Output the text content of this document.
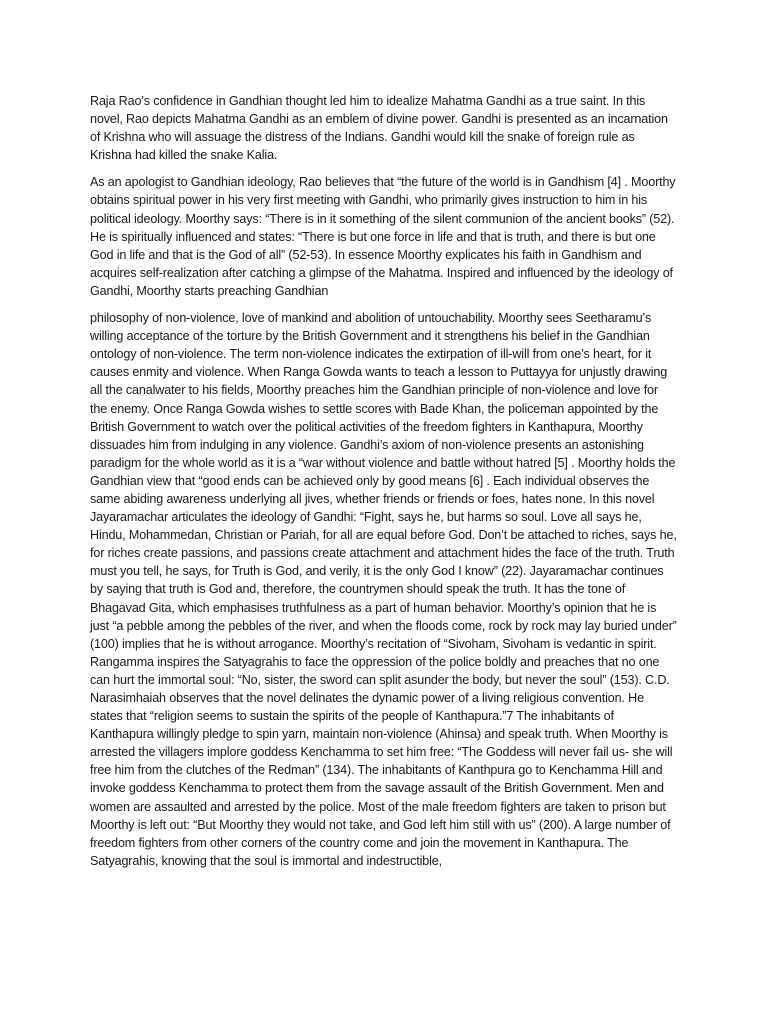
Raja Rao’s confidence in Gandhian thought led him to idealize Mahatma Gandhi as a true saint. In this novel, Rao depicts Mahatma Gandhi as an emblem of divine power. Gandhi is presented as an incarnation of Krishna who will assuage the distress of the Indians. Gandhi would kill the snake of foreign rule as Krishna had killed the snake Kalia.

As an apologist to Gandhian ideology, Rao believes that “the future of the world is in Gandhism [4] . Moorthy obtains spiritual power in his very first meeting with Gandhi, who primarily gives instruction to him in his political ideology. Moorthy says: “There is in it something of the silent communion of the ancient books” (52). He is spiritually influenced and states: “There is but one force in life and that is truth, and there is but one God in life and that is the God of all” (52-53). In essence Moorthy explicates his faith in Gandhism and acquires self-realization after catching a glimpse of the Mahatma. Inspired and influenced by the ideology of Gandhi, Moorthy starts preaching Gandhian

philosophy of non-violence, love of mankind and abolition of untouchability. Moorthy sees Seetharamu’s willing acceptance of the torture by the British Government and it strengthens his belief in the Gandhian ontology of non-violence. The term non-violence indicates the extirpation of ill-will from one’s heart, for it causes enmity and violence. When Ranga Gowda wants to teach a lesson to Puttayya for unjustly drawing all the canalwater to his fields, Moorthy preaches him the Gandhian principle of non-violence and love for the enemy. Once Ranga Gowda wishes to settle scores with Bade Khan, the policeman appointed by the British Government to watch over the political activities of the freedom fighters in Kanthapura, Moorthy dissuades him from indulging in any violence. Gandhi’s axiom of non-violence presents an astonishing paradigm for the whole world as it is a “war without violence and battle without hatred [5] . Moorthy holds the Gandhian view that “good ends can be achieved only by good means [6] . Each individual observes the same abiding awareness underlying all jives, whether friends or friends or foes, hates none. In this novel Jayaramachar articulates the ideology of Gandhi: “Fight, says he, but harms so soul. Love all says he, Hindu, Mohammedan, Christian or Pariah, for all are equal before God. Don’t be attached to riches, says he, for riches create passions, and passions create attachment and attachment hides the face of the truth. Truth must you tell, he says, for Truth is God, and verily, it is the only God I know” (22). Jayaramachar continues by saying that truth is God and, therefore, the countrymen should speak the truth. It has the tone of Bhagavad Gita, which emphasises truthfulness as a part of human behavior. Moorthy’s opinion that he is just “a pebble among the pebbles of the river, and when the floods come, rock by rock may lay buried under” (100) implies that he is without arrogance. Moorthy’s recitation of “Sivoham, Sivoham is vedantic in spirit. Rangamma inspires the Satyagrahis to face the oppression of the police boldly and preaches that no one can hurt the immortal soul: “No, sister, the sword can split asunder the body, but never the soul” (153). C.D. Narasimhaiah observes that the novel delinates the dynamic power of a living religious convention. He states that “religion seems to sustain the spirits of the people of Kanthapura.”7 The inhabitants of Kanthapura willingly pledge to spin yarn, maintain non-violence (Ahinsa) and speak truth. When Moorthy is arrested the villagers implore goddess Kenchamma to set him free: “The Goddess will never fail us- she will free him from the clutches of the Redman” (134). The inhabitants of Kanthpura go to Kenchamma Hill and invoke goddess Kenchamma to protect them from the savage assault of the British Government. Men and women are assaulted and arrested by the police. Most of the male freedom fighters are taken to prison but Moorthy is left out: “But Moorthy they would not take, and God left him still with us” (200). A large number of freedom fighters from other corners of the country come and join the movement in Kanthapura. The Satyagrahis, knowing that the soul is immortal and indestructible,
